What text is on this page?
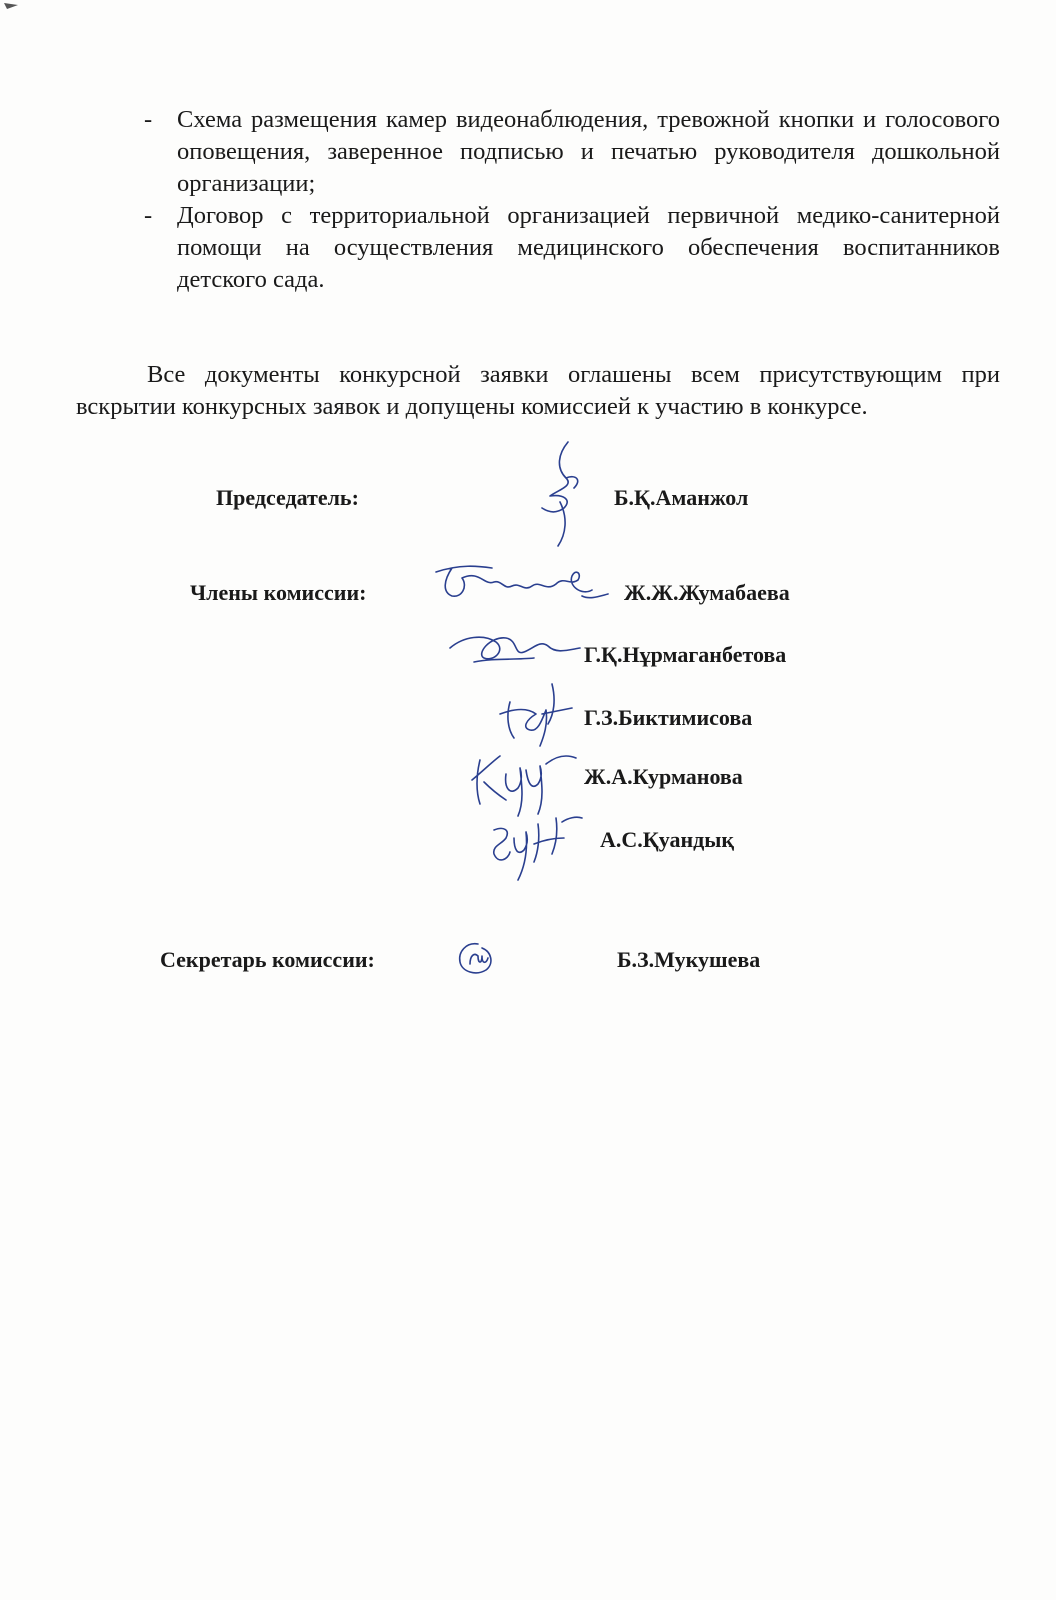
- Схема размещения камер видеонаблюдения, тревожной кнопки и голосового оповещения, заверенное подписью и печатью руководителя дошкольной организации;
- Договор с территориальной организацией первичной медико-санитерной помощи на осуществления медицинского обеспечения воспитанников детского сада.

Все документы конкурсной заявки оглашены всем присутствующим при вскрытии конкурсных заявок и допущены комиссией к участию в конкурсе.

Председатель:	Б.Қ.Аманжол
Члены комиссии:	Ж.Ж.Жумабаева
Г.Қ.Нұрмаганбетова
Г.З.Биктимисова
Ж.А.Курманова
А.С.Қуандық
Секретарь комиссии:	Б.З.Мукушева
